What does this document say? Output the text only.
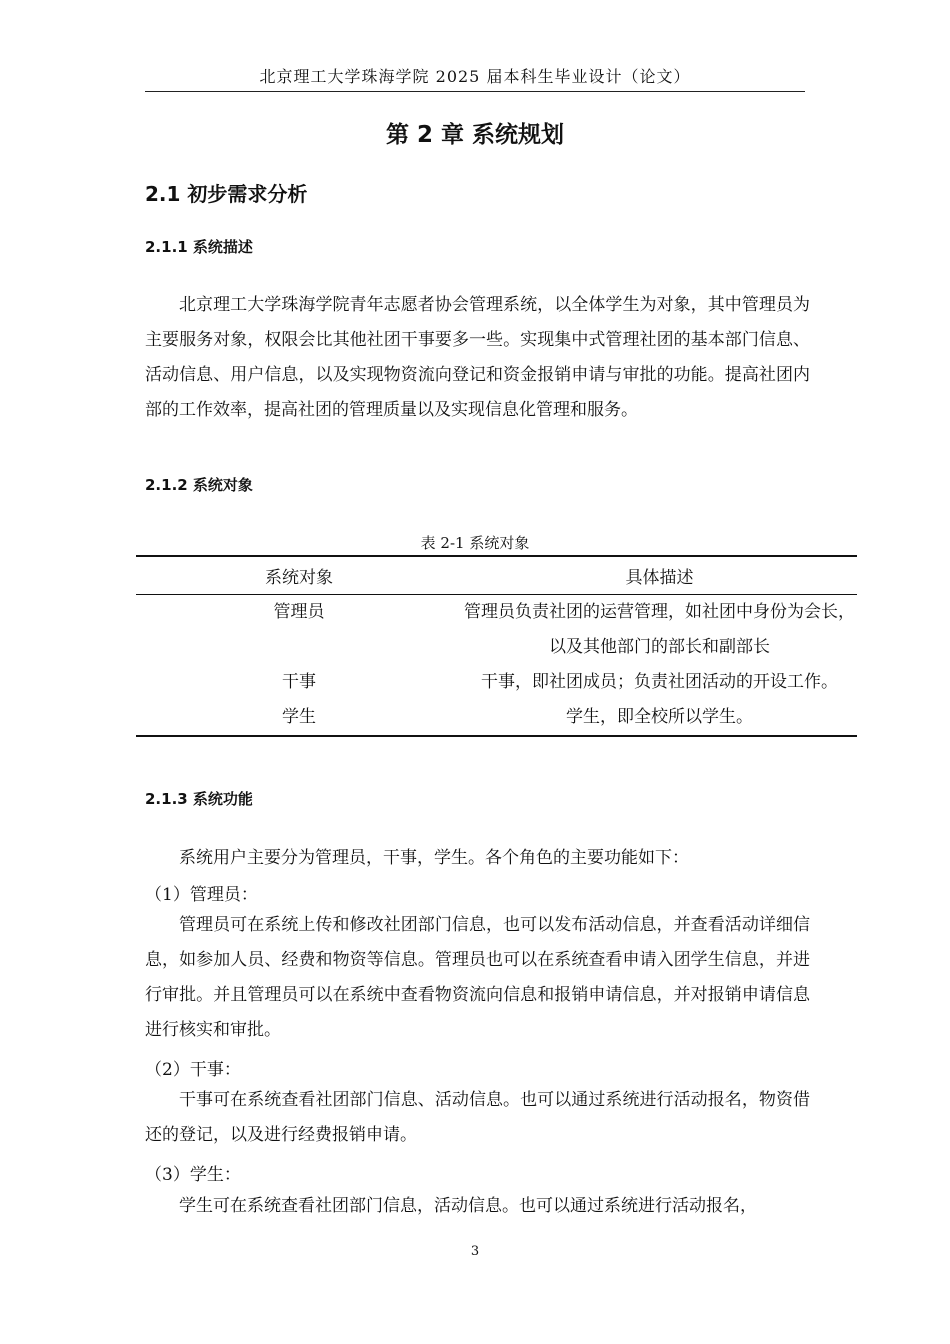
北京理工大学珠海学院 2025 届本科生毕业设计（论文）
第 2 章 系统规划
2.1 初步需求分析
2.1.1 系统描述

北京理工大学珠海学院青年志愿者协会管理系统，以全体学生为对象，其中管理员为主要服务对象，权限会比其他社团干事要多一些。实现集中式管理社团的基本部门信息、活动信息、用户信息，以及实现物资流向登记和资金报销申请与审批的功能。提高社团内部的工作效率，提高社团的管理质量以及实现信息化管理和服务。

2.1.2 系统对象
表 2-1 系统对象
系统对象	具体描述
管理员	管理员负责社团的运营管理，如社团中身份为会长，以及其他部门的部长和副部长
干事	干事，即社团成员；负责社团活动的开设工作。
学生	学生，即全校所以学生。
2.1.3 系统功能

系统用户主要分为管理员，干事，学生。各个角色的主要功能如下：

（1）管理员：

管理员可在系统上传和修改社团部门信息，也可以发布活动信息，并查看活动详细信息，如参加人员、经费和物资等信息。管理员也可以在系统查看申请入团学生信息，并进行审批。并且管理员可以在系统中查看物资流向信息和报销申请信息，并对报销申请信息进行核实和审批。

（2）干事：

干事可在系统查看社团部门信息、活动信息。也可以通过系统进行活动报名，物资借还的登记，以及进行经费报销申请。

（3）学生：

学生可在系统查看社团部门信息，活动信息。也可以通过系统进行活动报名，

3
